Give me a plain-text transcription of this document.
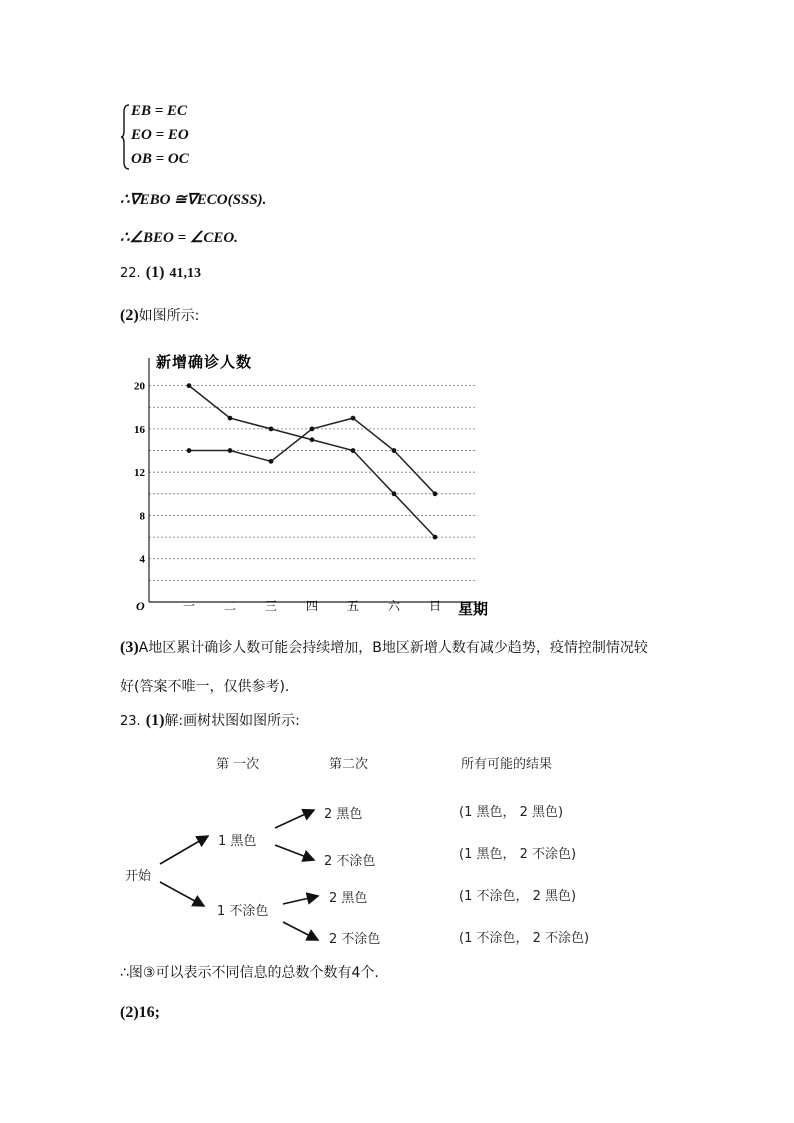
EB = EC
EO = EO
OB = OC
∴∇EBO ≅∇ECO(SSS).
∴∠BEO = ∠CEO.
22. (1) 41,13
(2)如图所示:
4
8
12
16
20
O	一 二 三 四 五 六 日
新增确诊人数
星期
(3)A地区累计确诊人数可能会持续增加，B地区新增人数有减少趋势，疫情控制情况较
好(答案不唯一，仅供参考).
23. (1)解:画树状图如图所示:
第 一次	第二次	所有可能的结果
开始
1 黑色
1 不涂色
2 黑色
2 不涂色
2 黑色
2 不涂色
(1 黑色， 2 黑色)
(1 黑色， 2 不涂色)
(1 不涂色， 2 黑色)
(1 不涂色， 2 不涂色)
∴图③可以表示不同信息的总数个数有4个.
(2)16;
